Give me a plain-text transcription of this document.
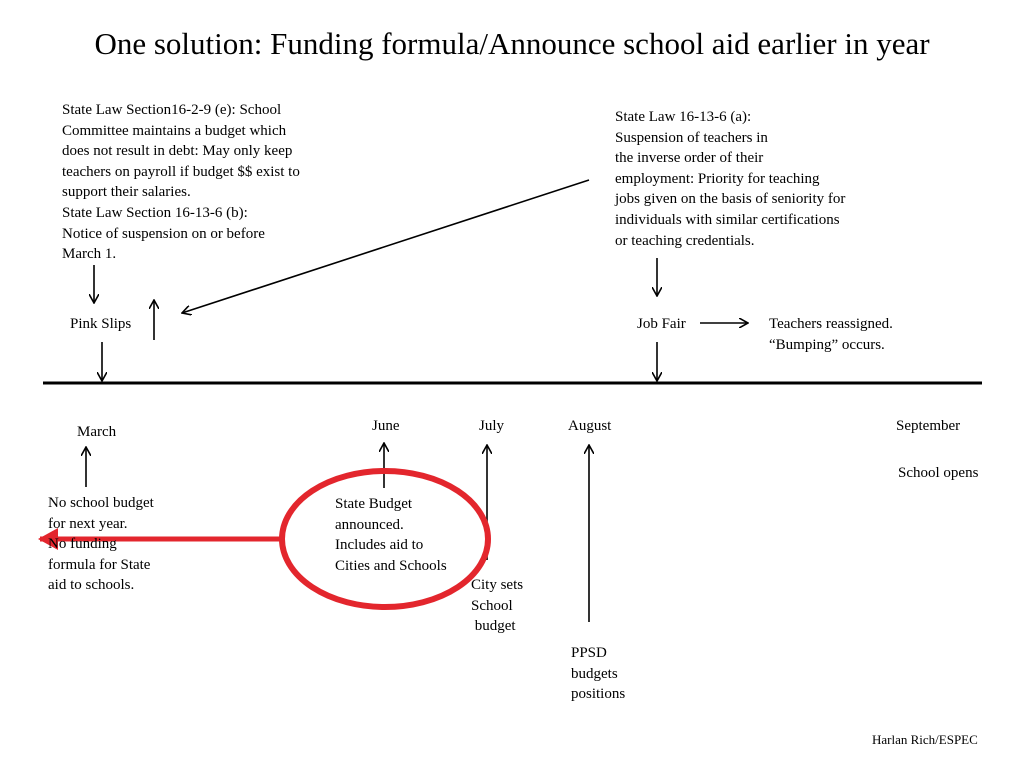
One solution: Funding formula/Announce school aid earlier in year
State Law Section16-2-9 (e): School
Committee maintains a budget which
does not result in debt: May only keep
teachers on payroll if budget $$ exist to
support their salaries.
State Law Section 16-13-6 (b):
Notice of suspension on or before
March 1.
State Law 16-13-6 (a):
Suspension of teachers in
the inverse order of their
employment: Priority for teaching
jobs given on the basis of seniority for
individuals with similar certifications
or teaching credentials.
Pink Slips	Job Fair	Teachers reassigned.
“Bumping” occurs.
March	June	July	August	September
School opens
No school budget
for next year.
No funding
formula for State
aid to schools.
State Budget
announced.
Includes aid to
Cities and Schools
City sets
School
budget
PPSD
budgets
positions
Harlan Rich/ESPEC
